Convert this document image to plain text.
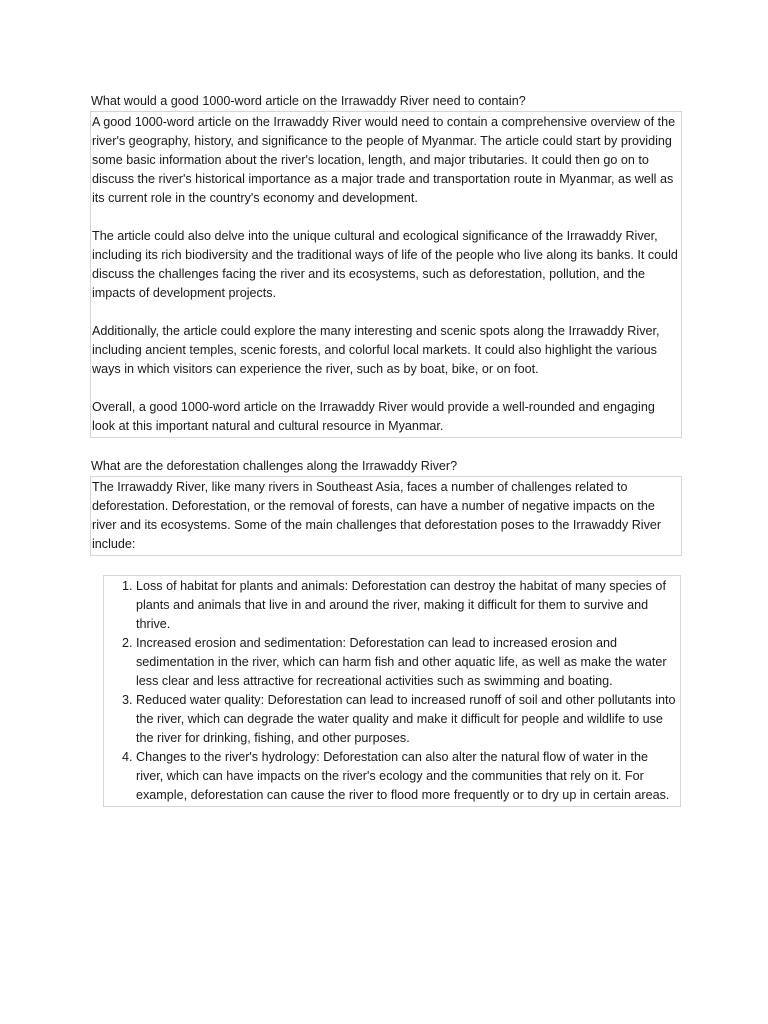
What would a good 1000-word article on the Irrawaddy River need to contain?

A good 1000-word article on the Irrawaddy River would need to contain a comprehensive overview of the river's geography, history, and significance to the people of Myanmar. The article could start by providing some basic information about the river's location, length, and major tributaries. It could then go on to discuss the river's historical importance as a major trade and transportation route in Myanmar, as well as its current role in the country's economy and development.

The article could also delve into the unique cultural and ecological significance of the Irrawaddy River, including its rich biodiversity and the traditional ways of life of the people who live along its banks. It could discuss the challenges facing the river and its ecosystems, such as deforestation, pollution, and the impacts of development projects.

Additionally, the article could explore the many interesting and scenic spots along the Irrawaddy River, including ancient temples, scenic forests, and colorful local markets. It could also highlight the various ways in which visitors can experience the river, such as by boat, bike, or on foot.

Overall, a good 1000-word article on the Irrawaddy River would provide a well-rounded and engaging look at this important natural and cultural resource in Myanmar.

What are the deforestation challenges along the Irrawaddy River?

The Irrawaddy River, like many rivers in Southeast Asia, faces a number of challenges related to deforestation. Deforestation, or the removal of forests, can have a number of negative impacts on the river and its ecosystems. Some of the main challenges that deforestation poses to the Irrawaddy River include:

1. Loss of habitat for plants and animals: Deforestation can destroy the habitat of many species of plants and animals that live in and around the river, making it difficult for them to survive and thrive.
2. Increased erosion and sedimentation: Deforestation can lead to increased erosion and sedimentation in the river, which can harm fish and other aquatic life, as well as make the water less clear and less attractive for recreational activities such as swimming and boating.
3. Reduced water quality: Deforestation can lead to increased runoff of soil and other pollutants into the river, which can degrade the water quality and make it difficult for people and wildlife to use the river for drinking, fishing, and other purposes.
4. Changes to the river's hydrology: Deforestation can also alter the natural flow of water in the river, which can have impacts on the river's ecology and the communities that rely on it. For example, deforestation can cause the river to flood more frequently or to dry up in certain areas.
